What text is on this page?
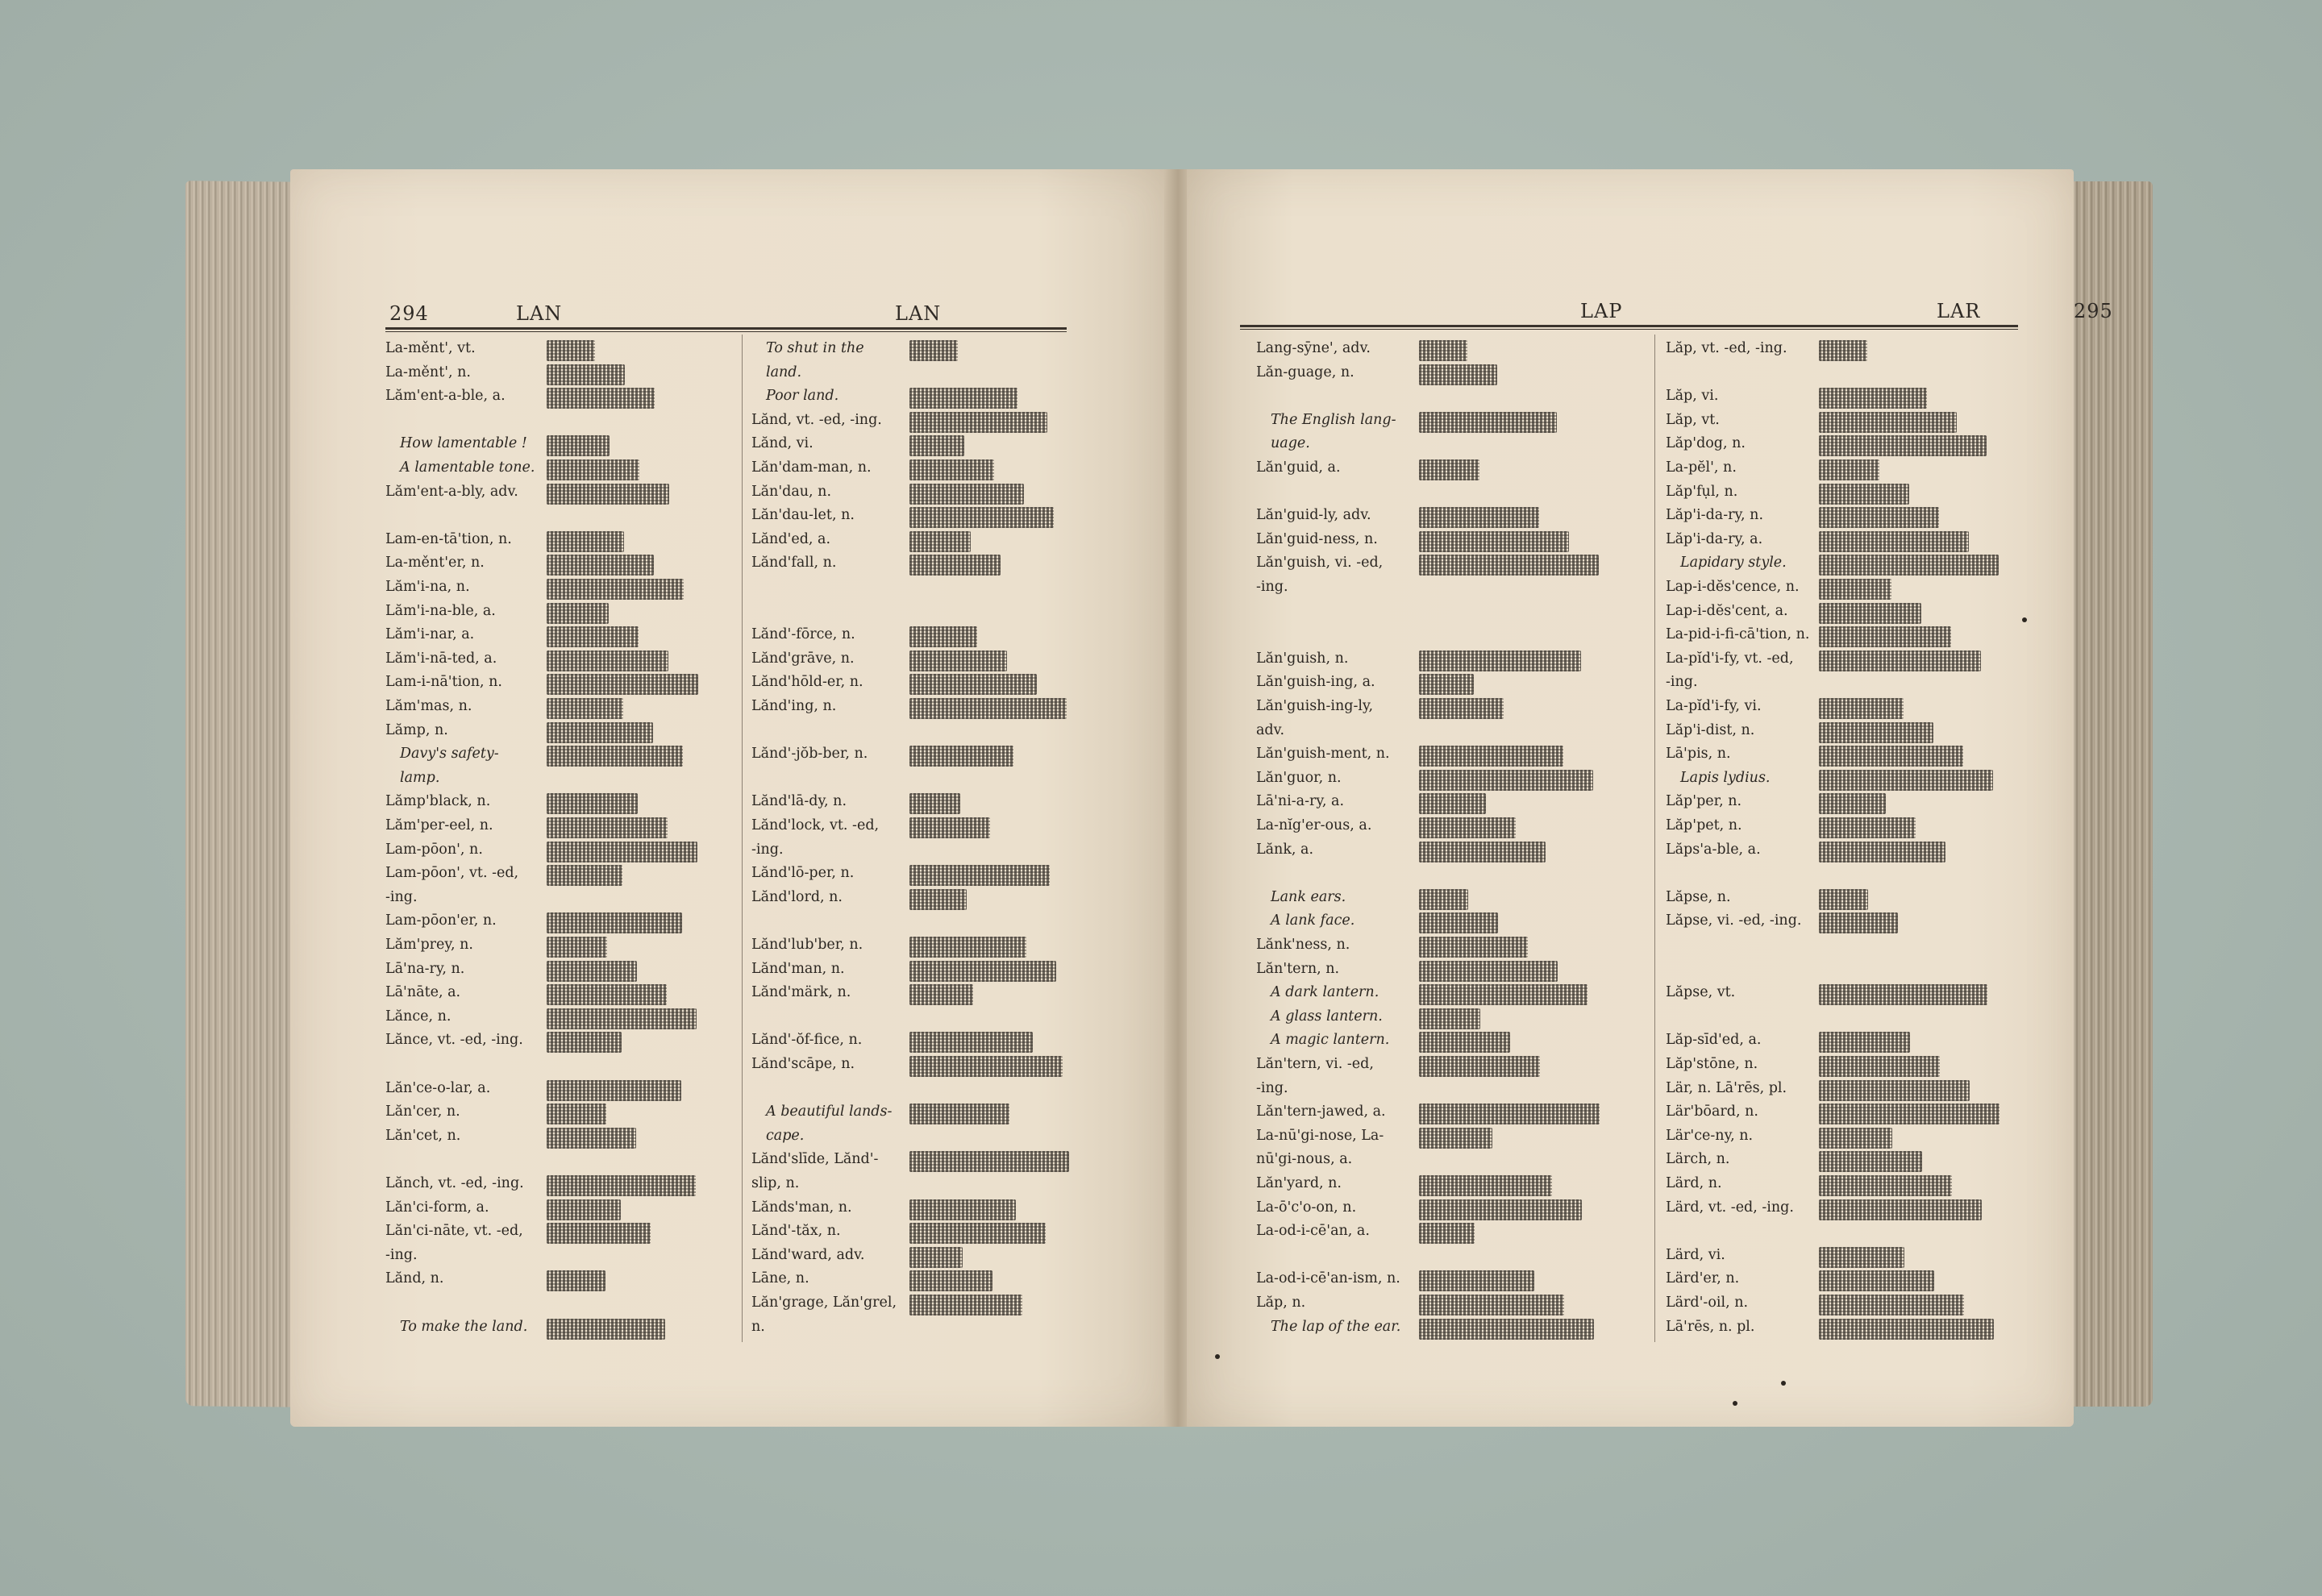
294	LAN	LAN
La-měnt', vt.
La-měnt', n.
Lăm'ent-a-ble, a.
How lamentable !
A lamentable tone.
Lăm'ent-a-bly, adv.
Lam-en-tā'tion, n.
La-měnt'er, n.
Lăm'i-na, n.
Lăm'i-na-ble, a.
Lăm'i-nar, a.
Lăm'i-nā-ted, a.
Lam-i-nā'tion, n.
Lăm'mas, n.
Lămp, n.
Davy's safety-
lamp.
Lămp'black, n.
Lăm'per-eel, n.
Lam-pōon', n.
Lam-pōon', vt. -ed,
-ing.
Lam-pōon'er, n.
Lăm'prey, n.
Lā'na-ry, n.
Lā'nāte, a.
Lănce, n.
Lănce, vt. -ed, -ing.
Lăn'ce-o-lar, a.
Lăn'cer, n.
Lăn'cet, n.
Lănch, vt. -ed, -ing.
Lăn'ci-form, a.
Lăn'ci-nāte, vt. -ed,
-ing.
Lănd, n.
To make the land.
To shut in the
land.
Poor land.
Lănd, vt. -ed, -ing.
Lănd, vi.
Lăn'dam-man, n.
Lăn'dau, n.
Lăn'dau-let, n.
Lănd'ed, a.
Lănd'fall, n.
Lănd'-fōrce, n.
Lănd'grāve, n.
Lănd'hōld-er, n.
Lănd'ing, n.
Lănd'-jŏb-ber, n.
Lănd'lā-dy, n.
Lănd'lock, vt. -ed,
-ing.
Lănd'lō-per, n.
Lănd'lord, n.
Lănd'lub'ber, n.
Lănd'man, n.
Lănd'märk, n.
Lănd'-ŏf-fice, n.
Lănd'scāpe, n.
A beautiful lands-
cape.
Lănd'slīde, Lănd'-
slip, n.
Lănds'man, n.
Lănd'-tăx, n.
Lănd'ward, adv.
Lāne, n.
Lăn'grage, Lăn'grel,
n.
LAP	LAR	295
Lang-sȳne', adv.
Lăn-guage, n.
The English lang-
uage.
Lăn'guid, a.
Lăn'guid-ly, adv.
Lăn'guid-ness, n.
Lăn'guish, vi. -ed,
-ing.
Lăn'guish, n.
Lăn'guish-ing, a.
Lăn'guish-ing-ly,
adv.
Lăn'guish-ment, n.
Lăn'guor, n.
Lā'ni-a-ry, a.
La-nĭg'er-ous, a.
Lănk, a.
Lank ears.
A lank face.
Lănk'ness, n.
Lăn'tern, n.
A dark lantern.
A glass lantern.
A magic lantern.
Lăn'tern, vi. -ed,
-ing.
Lăn'tern-jawed, a.
La-nū'gi-nose, La-
nū'gi-nous, a.
Lăn'yard, n.
La-ō'c'o-on, n.
La-od-i-cē'an, a.
La-od-i-cē'an-ism, n.
Lăp, n.
The lap of the ear.
Lăp, vt. -ed, -ing.
Lăp, vi.
Lăp, vt.
Lăp'dog, n.
La-pĕl', n.
Lăp'fụl, n.
Lăp'i-da-ry, n.
Lăp'i-da-ry, a.
Lapidary style.
Lap-i-dĕs'cence, n.
Lap-i-dĕs'cent, a.
La-pid-i-fi-cā'tion, n.
La-pĭd'i-fy, vt. -ed,
-ing.
La-pĭd'i-fy, vi.
Lăp'i-dist, n.
Lā'pis, n.
Lapis lydius.
Lăp'per, n.
Lăp'pet, n.
Lăps'a-ble, a.
Lăpse, n.
Lăpse, vi. -ed, -ing.
Lăpse, vt.
Lăp-sīd'ed, a.
Lăp'stōne, n.
Lär, n. Lā'rēs, pl.
Lär'bōard, n.
Lär'ce-ny, n.
Lärch, n.
Lärd, n.
Lärd, vt. -ed, -ing.
Lärd, vi.
Lärd'er, n.
Lärd'-oil, n.
Lā'rēs, n. pl.
